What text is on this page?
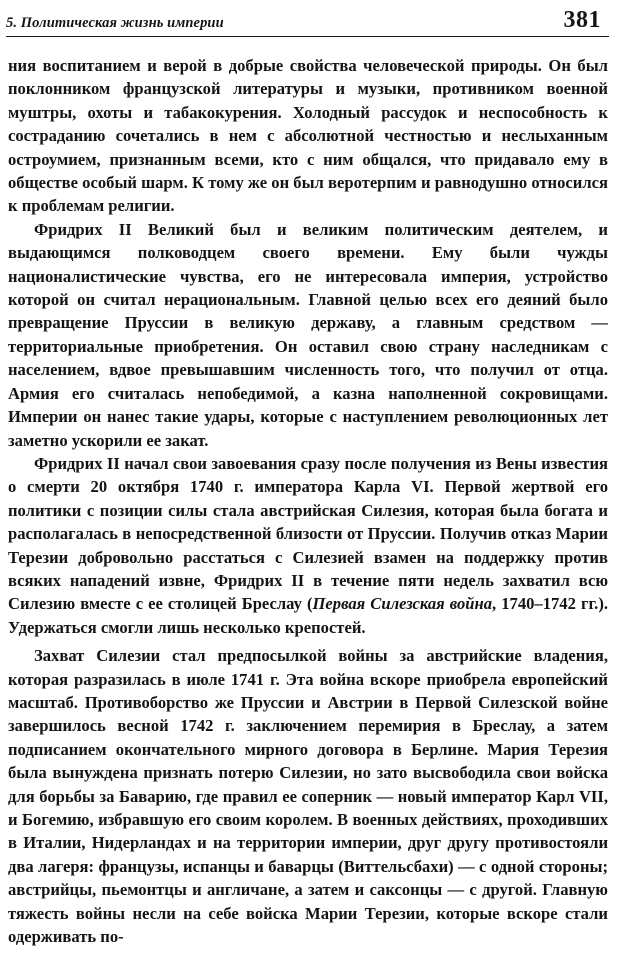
5. Политическая жизнь империи	381

ния воспитанием и верой в добрые свойства человеческой природы. Он был поклонником французской литературы и музыки, противником военной муштры, охоты и табакокурения. Холодный рассудок и неспособность к состраданию сочетались в нем с абсолютной честностью и неслыханным остроумием, признанным всеми, кто с ним общался, что придавало ему в обществе особый шарм. К тому же он был веротерпим и равнодушно относился к проблемам религии.

Фридрих II Великий был и великим политическим деятелем, и выдающимся полководцем своего времени. Ему были чужды националистические чувства, его не интересовала империя, устройство которой он считал нерациональным. Главной целью всех его деяний было превращение Пруссии в великую державу, а главным средством — территориальные приобретения. Он оставил свою страну наследникам с населением, вдвое превышавшим численность того, что получил от отца. Армия его считалась непобедимой, а казна наполненной сокровищами. Империи он нанес такие удары, которые с наступлением революционных лет заметно ускорили ее закат.

Фридрих II начал свои завоевания сразу после получения из Вены известия о смерти 20 октября 1740 г. императора Карла VI. Первой жертвой его политики с позиции силы стала австрийская Силезия, которая была богата и располагалась в непосредственной близости от Пруссии. Получив отказ Марии Терезии добровольно расстаться с Силезией взамен на поддержку против всяких нападений извне, Фридрих II в течение пяти недель захватил всю Силезию вместе с ее столицей Бреслау (Первая Силезская война, 1740–1742 гг.). Удержаться смогли лишь несколько крепостей.

Захват Силезии стал предпосылкой войны за австрийские владения, которая разразилась в июле 1741 г. Эта война вскоре приобрела европейский масштаб. Противоборство же Пруссии и Австрии в Первой Силезской войне завершилось весной 1742 г. заключением перемирия в Бреслау, а затем подписанием окончательного мирного договора в Берлине. Мария Терезия была вынуждена признать потерю Силезии, но зато высвободила свои войска для борьбы за Баварию, где правил ее соперник — новый император Карл VII, и Богемию, избравшую его своим королем. В военных действиях, проходивших в Италии, Нидерландах и на территории империи, друг другу противостояли два лагеря: французы, испанцы и баварцы (Виттельсбахи) — с одной стороны; австрийцы, пьемонтцы и англичане, а затем и саксонцы — с другой. Главную тяжесть войны несли на себе войска Марии Терезии, которые вскоре стали одерживать по-
